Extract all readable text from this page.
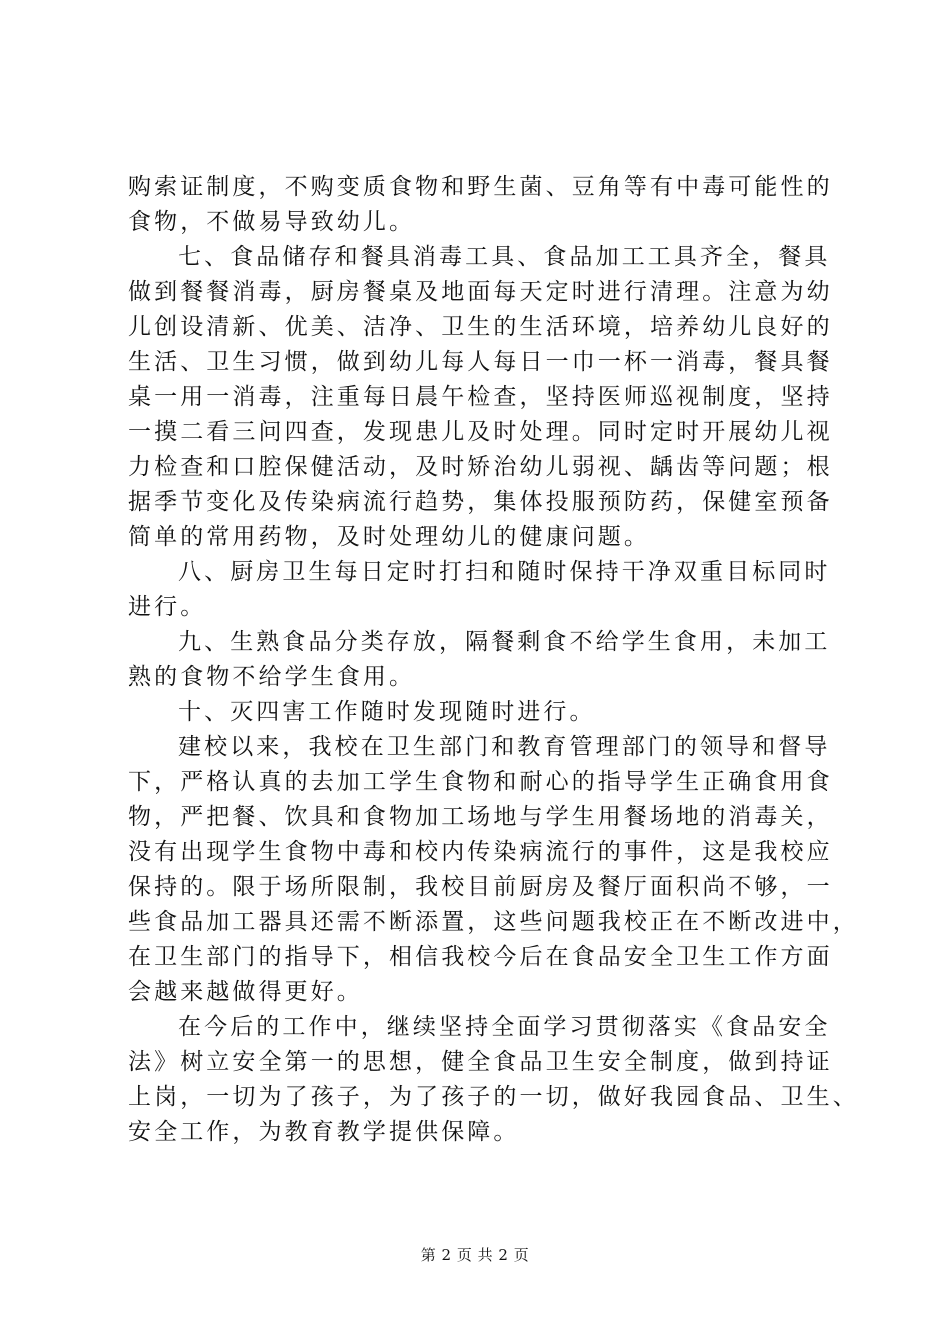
购索证制度，不购变质食物和野生菌、豆角等有中毒可能性的
食物，不做易导致幼儿。
七、食品储存和餐具消毒工具、食品加工工具齐全，餐具
做到餐餐消毒，厨房餐桌及地面每天定时进行清理。注意为幼
儿创设清新、优美、洁净、卫生的生活环境，培养幼儿良好的
生活、卫生习惯，做到幼儿每人每日一巾一杯一消毒，餐具餐
桌一用一消毒，注重每日晨午检查，坚持医师巡视制度，坚持
一摸二看三问四查，发现患儿及时处理。同时定时开展幼儿视
力检查和口腔保健活动，及时矫治幼儿弱视、龋齿等问题；根
据季节变化及传染病流行趋势，集体投服预防药，保健室预备
简单的常用药物，及时处理幼儿的健康问题。
八、厨房卫生每日定时打扫和随时保持干净双重目标同时
进行。
九、生熟食品分类存放，隔餐剩食不给学生食用，未加工
熟的食物不给学生食用。
十、灭四害工作随时发现随时进行。
建校以来，我校在卫生部门和教育管理部门的领导和督导
下，严格认真的去加工学生食物和耐心的指导学生正确食用食
物，严把餐、饮具和食物加工场地与学生用餐场地的消毒关，
没有出现学生食物中毒和校内传染病流行的事件，这是我校应
保持的。限于场所限制，我校目前厨房及餐厅面积尚不够，一
些食品加工器具还需不断添置，这些问题我校正在不断改进中，
在卫生部门的指导下，相信我校今后在食品安全卫生工作方面
会越来越做得更好。
在今后的工作中，继续坚持全面学习贯彻落实《食品安全
法》树立安全第一的思想，健全食品卫生安全制度，做到持证
上岗，一切为了孩子，为了孩子的一切，做好我园食品、卫生、
安全工作，为教育教学提供保障。
第 2 页 共 2 页
